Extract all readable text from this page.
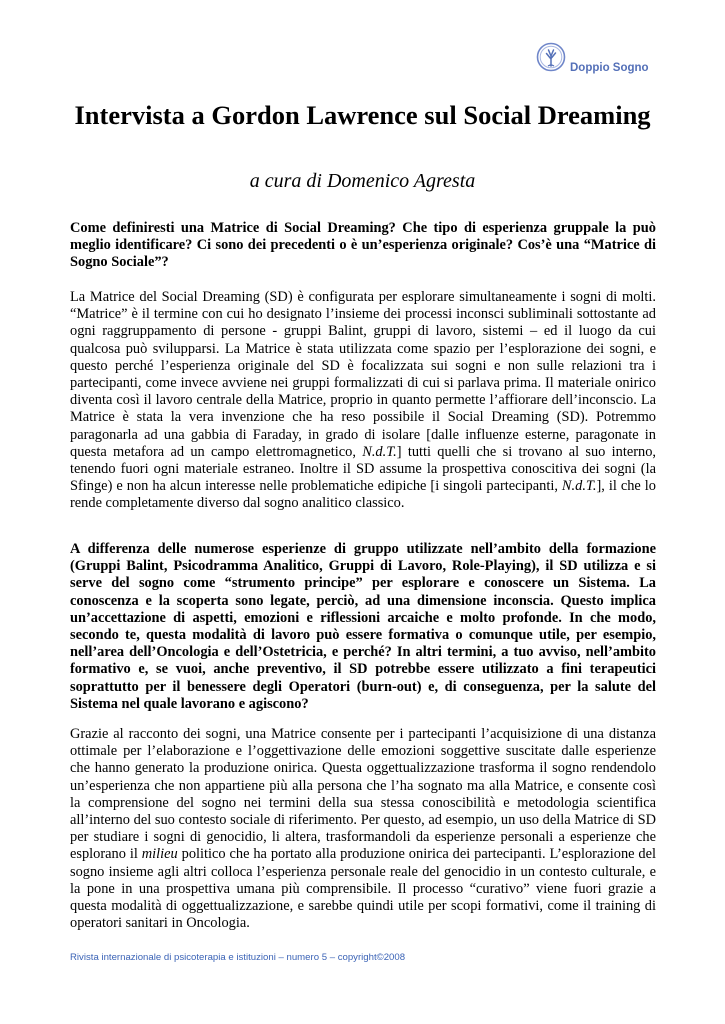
Doppio Sogno
Intervista a Gordon Lawrence sul Social Dreaming

a cura di Domenico Agresta

Come definiresti una Matrice di Social Dreaming? Che tipo di esperienza gruppale la può meglio identificare? Ci sono dei precedenti o è un’esperienza originale? Cos’è una “Matrice di Sogno Sociale”?

La Matrice del Social Dreaming (SD) è configurata per esplorare simultaneamente i sogni di molti. “Matrice” è il termine con cui ho designato l’insieme dei processi inconsci subliminali sottostante ad ogni raggruppamento di persone - gruppi Balint, gruppi di lavoro, sistemi – ed il luogo da cui qualcosa può svilupparsi. La Matrice è stata utilizzata come spazio per l’esplorazione dei sogni, e questo perché l’esperienza originale del SD è focalizzata sui sogni e non sulle relazioni tra i partecipanti, come invece avviene nei gruppi formalizzati di cui si parlava prima. Il materiale onirico diventa così il lavoro centrale della Matrice, proprio in quanto permette l’affiorare dell’inconscio. La Matrice è stata la vera invenzione che ha reso possibile il Social Dreaming (SD). Potremmo paragonarla ad una gabbia di Faraday, in grado di isolare [dalle influenze esterne, paragonate in questa metafora ad un campo elettromagnetico, N.d.T.] tutti quelli che si trovano al suo interno, tenendo fuori ogni materiale estraneo. Inoltre il SD assume la prospettiva conoscitiva dei sogni (la Sfinge) e non ha alcun interesse nelle problematiche edipiche [i singoli partecipanti, N.d.T.], il che lo rende completamente diverso dal sogno analitico classico.

A differenza delle numerose esperienze di gruppo utilizzate nell’ambito della formazione (Gruppi Balint, Psicodramma Analitico, Gruppi di Lavoro, Role-Playing), il SD utilizza e si serve del sogno come “strumento principe” per esplorare e conoscere un Sistema. La conoscenza e la scoperta sono legate, perciò, ad una dimensione inconscia. Questo implica un’accettazione di aspetti, emozioni e riflessioni arcaiche e molto profonde. In che modo, secondo te, questa modalità di lavoro può essere formativa o comunque utile, per esempio, nell’area dell’Oncologia e dell’Ostetricia, e perché? In altri termini, a tuo avviso, nell’ambito formativo e, se vuoi, anche preventivo, il SD potrebbe essere utilizzato a fini terapeutici soprattutto per il benessere degli Operatori (burn-out) e, di conseguenza, per la salute del Sistema nel quale lavorano e agiscono?

Grazie al racconto dei sogni, una Matrice consente per i partecipanti l’acquisizione di una distanza ottimale per l’elaborazione e l’oggettivazione delle emozioni soggettive suscitate dalle esperienze che hanno generato la produzione onirica. Questa oggettualizzazione trasforma il sogno rendendolo un’esperienza che non appartiene più alla persona che l’ha sognato ma alla Matrice, e consente così la comprensione del sogno nei termini della sua stessa conoscibilità e metodologia scientifica all’interno del suo contesto sociale di riferimento. Per questo, ad esempio, un uso della Matrice di SD per studiare i sogni di genocidio, li altera, trasformandoli da esperienze personali a esperienze che esplorano il milieu politico che ha portato alla produzione onirica dei partecipanti. L’esplorazione del sogno insieme agli altri colloca l’esperienza personale reale del genocidio in un contesto culturale, e la pone in una prospettiva umana più comprensibile. Il processo “curativo” viene fuori grazie a questa modalità di oggettualizzazione, e sarebbe quindi utile per scopi formativi, come il training di operatori sanitari in Oncologia.

Rivista internazionale di psicoterapia e istituzioni – numero 5 – copyright©2008
